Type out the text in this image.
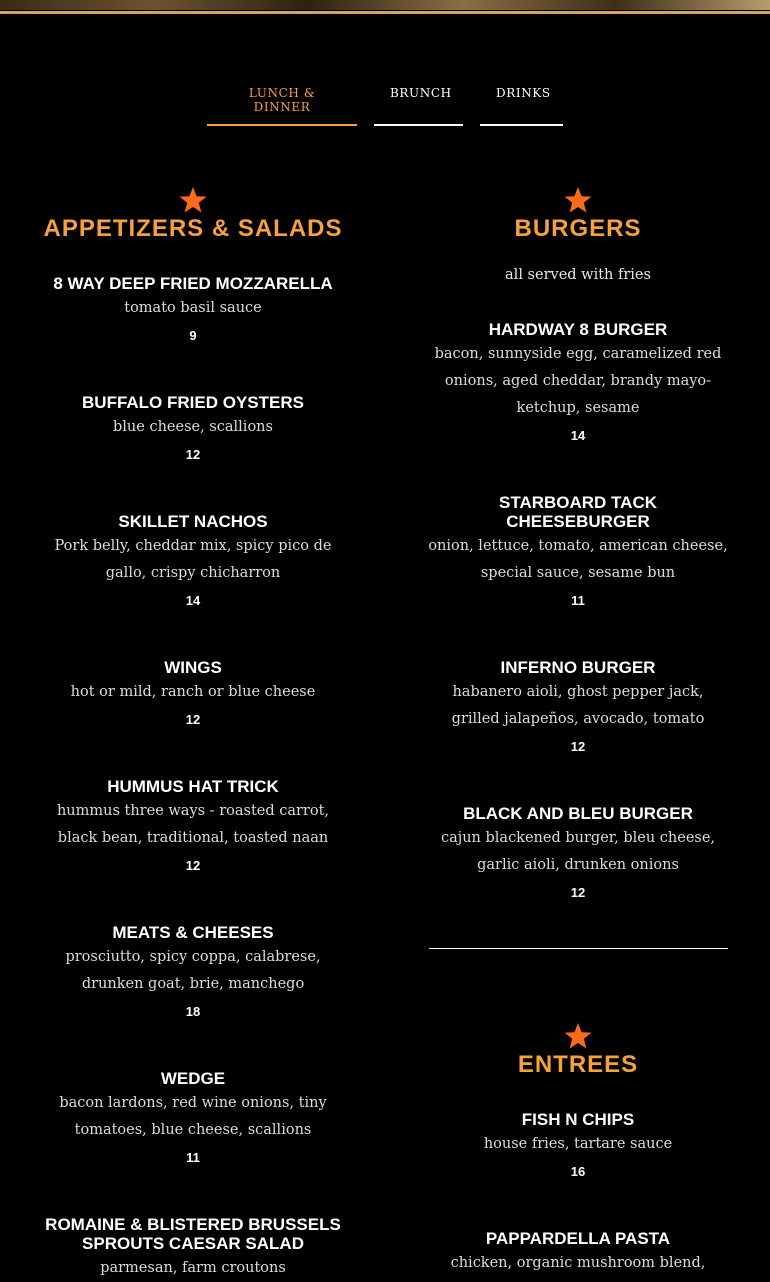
LUNCH & DINNER
BRUNCH	DRINKS
APPETIZERS & SALADS
8 WAY DEEP FRIED MOZZARELLA
tomato basil sauce
9
BUFFALO FRIED OYSTERS
blue cheese, scallions
12
SKILLET NACHOS
Pork belly, cheddar mix, spicy pico de gallo, crispy chicharron
14
WINGS
hot or mild, ranch or blue cheese
12
HUMMUS HAT TRICK
hummus three ways - roasted carrot, black bean, traditional, toasted naan
12
MEATS & CHEESES
prosciutto, spicy coppa, calabrese, drunken goat, brie, manchego
18
WEDGE
bacon lardons, red wine onions, tiny tomatoes, blue cheese, scallions
11
ROMAINE & BLISTERED BRUSSELS SPROUTS CAESAR SALAD
parmesan, farm croutons
BURGERS
all served with fries
HARDWAY 8 BURGER
bacon, sunnyside egg, caramelized red onions, aged cheddar, brandy mayo-ketchup, sesame
14
STARBOARD TACK CHEESEBURGER
onion, lettuce, tomato, american cheese, special sauce, sesame bun
11
INFERNO BURGER
habanero aioli, ghost pepper jack, grilled jalapeños, avocado, tomato
12
BLACK AND BLEU BURGER
cajun blackened burger, bleu cheese, garlic aioli, drunken onions
12
ENTREES
FISH N CHIPS
house fries, tartare sauce
16
PAPPARDELLA PASTA
chicken, organic mushroom blend,
